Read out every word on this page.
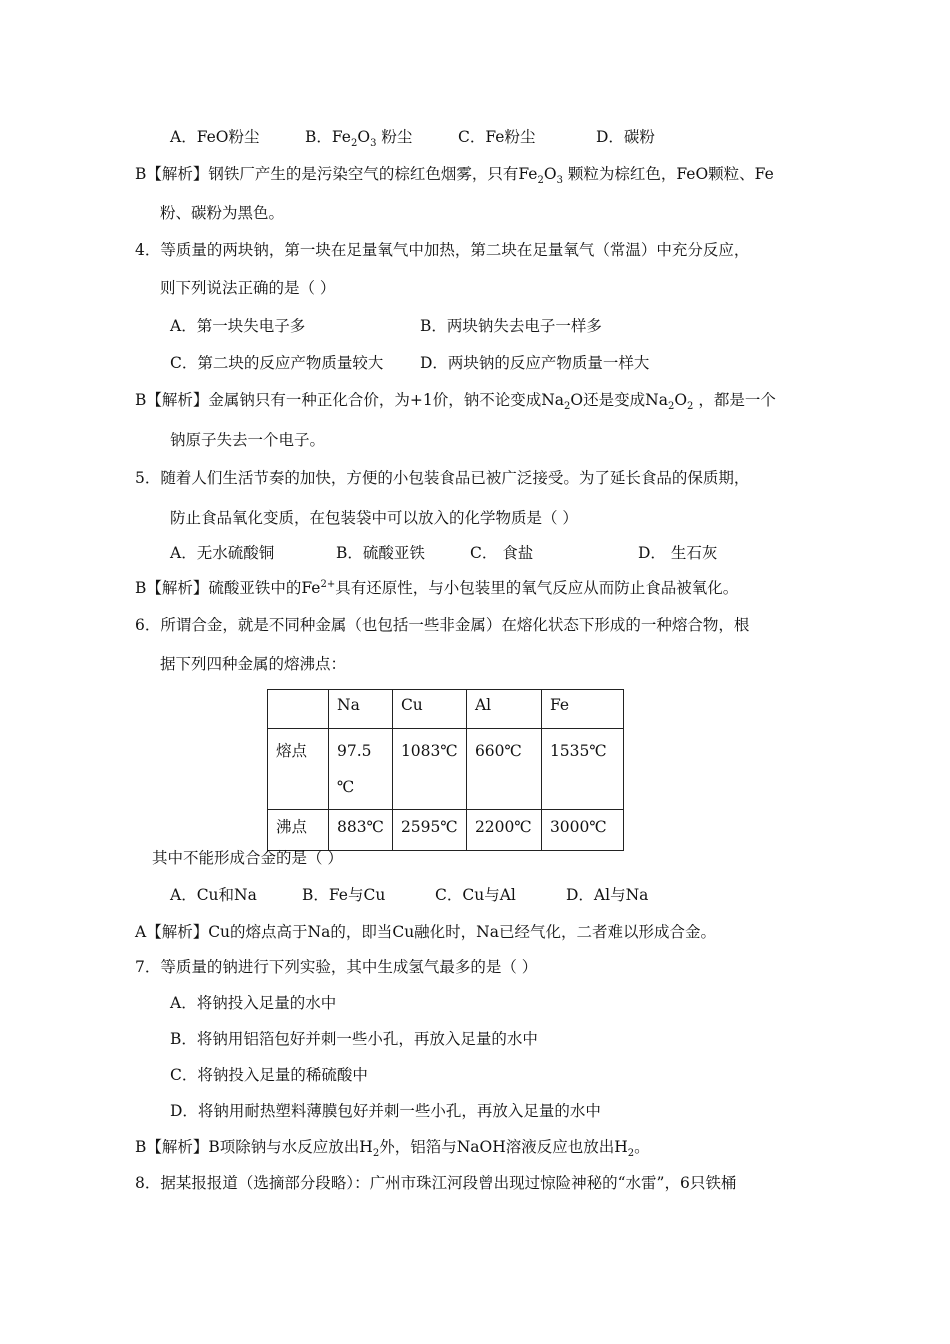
A．FeO粉尘	B．$Fe_2O_3$ 粉尘	C．Fe粉尘	D．碳粉
B【解析】钢铁厂产生的是污染空气的棕红色烟雾，只有$Fe_2O_3$ 颗粒为棕红色，FeO颗粒、Fe
粉、碳粉为黑色。
4．等质量的两块钠，第一块在足量氧气中加热，第二块在足量氧气（常温）中充分反应，
则下列说法正确的是（ ）
A．第一块失电子多	B．两块钠失去电子一样多
C．第二块的反应产物质量较大 D．两块钠的反应产物质量一样大
B【解析】金属钠只有一种正化合价，为+1价，钠不论变成$Na_2O$还是变成$Na_2O_2$ ，都是一个
钠原子失去一个电子。
5．随着人们生活节奏的加快，方便的小包装食品已被广泛接受。为了延长食品的保质期，
防止食品氧化变质，在包装袋中可以放入的化学物质是（ ）
A．无水硫酸铜	B．硫酸亚铁	C． 食盐	D． 生石灰
B【解析】硫酸亚铁中的$Fe^{2+}$具有还原性，与小包装里的氧气反应从而防止食品被氧化。
6．所谓合金，就是不同种金属（也包括一些非金属）在熔化状态下形成的一种熔合物，根
据下列四种金属的熔沸点：
	Na	Cu	Al	Fe
熔点	97.5 ℃	1083℃	660℃	1535℃
沸点	883℃	2595℃	2200℃	3000℃
其中不能形成合金的是（ ）
A．Cu和Na	B．Fe与Cu	C．Cu与Al	D．Al与Na
A【解析】Cu的熔点高于Na的，即当Cu融化时，Na已经气化，二者难以形成合金。
7．等质量的钠进行下列实验，其中生成氢气最多的是（ ）
A．将钠投入足量的水中
B．将钠用铝箔包好并刺一些小孔，再放入足量的水中
C．将钠投入足量的稀硫酸中
D．将钠用耐热塑料薄膜包好并刺一些小孔，再放入足量的水中
B【解析】B项除钠与水反应放出$H_2$外，铝箔与NaOH溶液反应也放出$H_2$。
8．据某报报道（选摘部分段略）：广州市珠江河段曾出现过惊险神秘的“水雷”，6只铁桶
